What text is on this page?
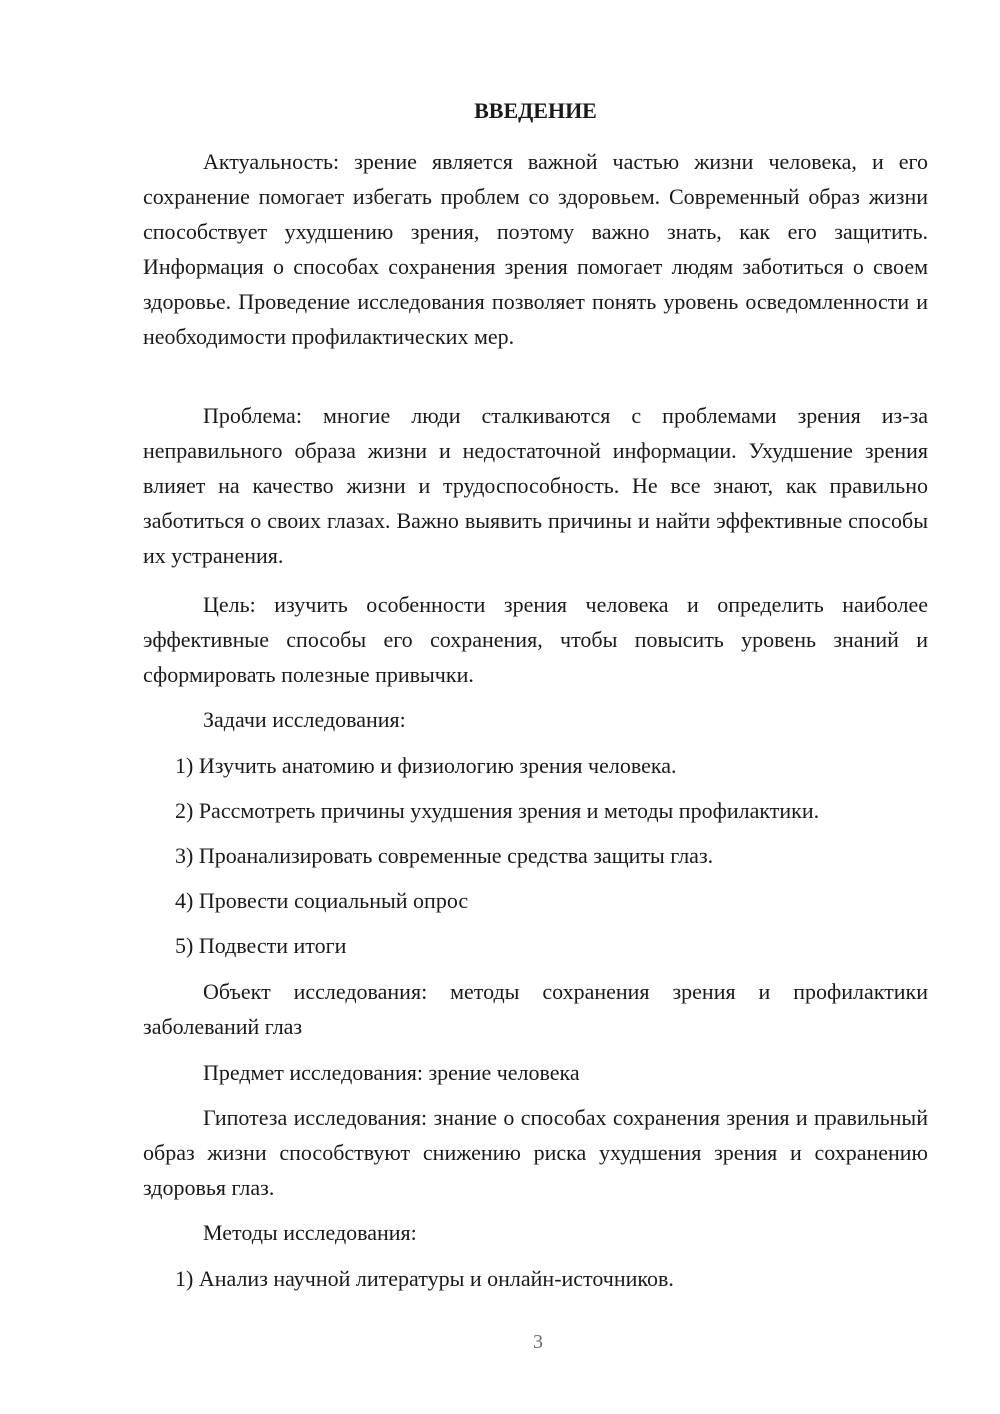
ВВЕДЕНИЕ

Актуальность: зрение является важной частью жизни человека, и его сохранение помогает избегать проблем со здоровьем. Современный образ жизни способствует ухудшению зрения, поэтому важно знать, как его защитить. Информация о способах сохранения зрения помогает людям заботиться о своем здоровье. Проведение исследования позволяет понять уровень осведомленности и необходимости профилактических мер.

Проблема: многие люди сталкиваются с проблемами зрения из-за неправильного образа жизни и недостаточной информации. Ухудшение зрения влияет на качество жизни и трудоспособность. Не все знают, как правильно заботиться о своих глазах. Важно выявить причины и найти эффективные способы их устранения.

Цель: изучить особенности зрения человека и определить наиболее эффективные способы его сохранения, чтобы повысить уровень знаний и сформировать полезные привычки.

Задачи исследования:

1) Изучить анатомию и физиологию зрения человека.

2) Рассмотреть причины ухудшения зрения и методы профилактики.

3) Проанализировать современные средства защиты глаз.

4) Провести социальный опрос

5) Подвести итоги

Объект исследования: методы сохранения зрения и профилактики заболеваний глаз

Предмет исследования: зрение человека

Гипотеза исследования: знание о способах сохранения зрения и правильный образ жизни способствуют снижению риска ухудшения зрения и сохранению здоровья глаз.

Методы исследования:

1) Анализ научной литературы и онлайн-источников.

3
